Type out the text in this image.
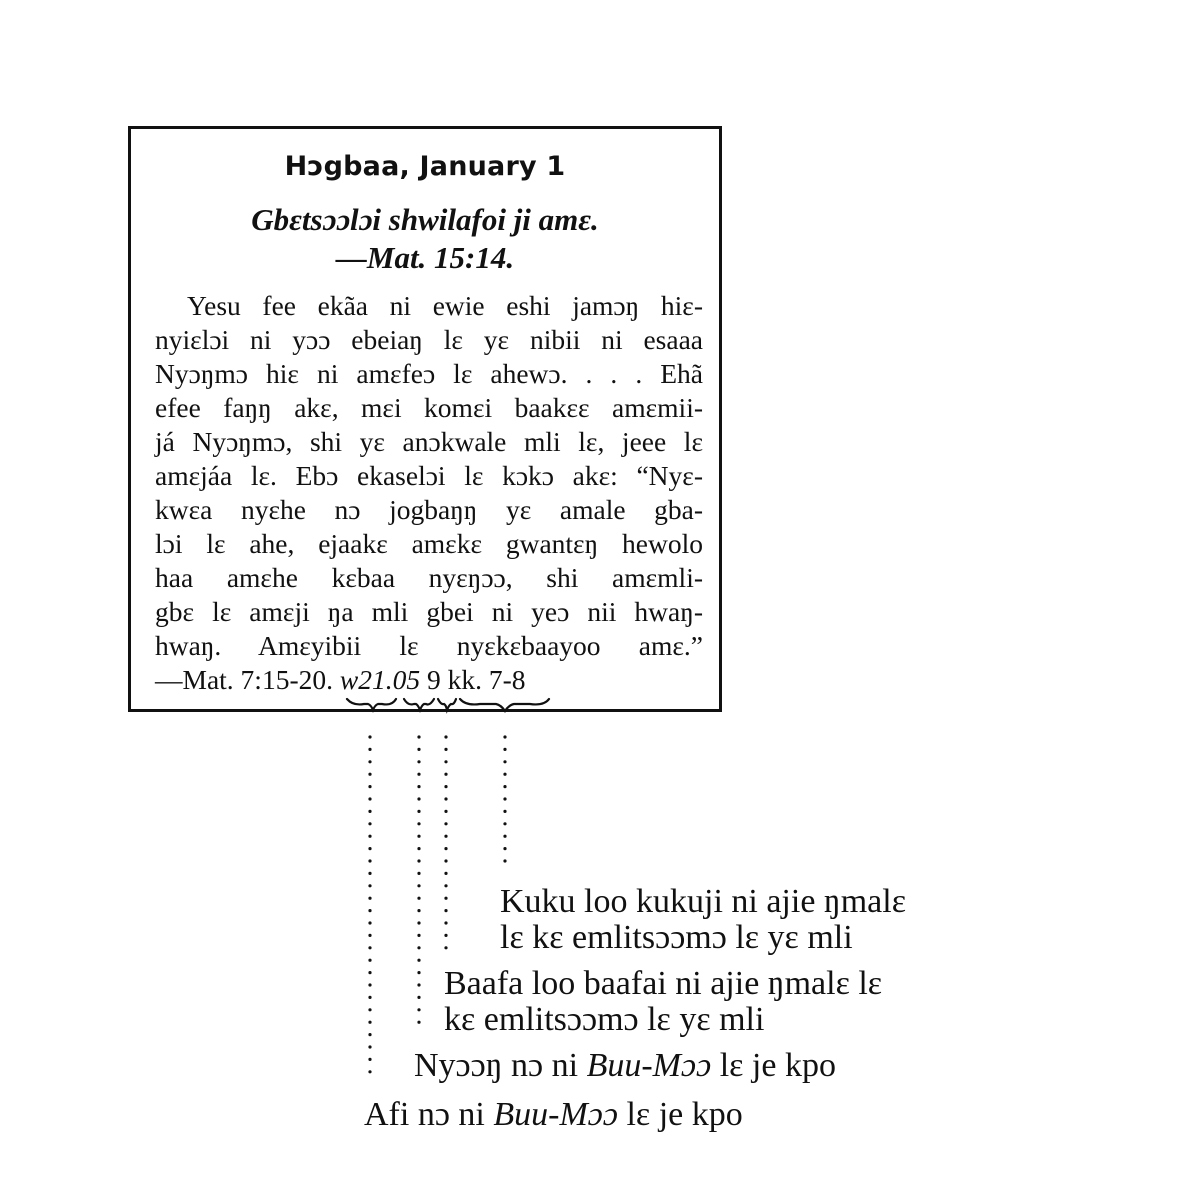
Hɔgbaa, January 1
Gbɛtsɔɔlɔi shwilafoi ji amɛ.
—Mat. 15:14.
Yesu fee ekãa ni ewie eshi jamɔŋ hiɛ-
nyiɛlɔi ni yɔɔ ebeiaŋ lɛ yɛ nibii ni esaaa
Nyɔŋmɔ hiɛ ni amɛfeɔ lɛ ahewɔ. . . . Ehã
efee faŋŋ akɛ, mɛi komɛi baakɛɛ amɛmii-
já Nyɔŋmɔ, shi yɛ anɔkwale mli lɛ, jeee lɛ
amɛjáa lɛ. Ebɔ ekaselɔi lɛ kɔkɔ akɛ: “Nyɛ-
kwɛa nyɛhe nɔ jogbaŋŋ yɛ amale gba-
lɔi lɛ ahe, ejaakɛ amɛkɛ gwantɛŋ hewolo
haa amɛhe kɛbaa nyɛŋɔɔ, shi amɛmli-
gbɛ lɛ amɛji ŋa mli gbei ni yeɔ nii hwaŋ-
hwaŋ. Amɛyibii lɛ nyɛkɛbaayoo amɛ.”
—Mat. 7:15-20. w21.05 9 kk. 7-8
Kuku loo kukuji ni ajie ŋmalɛ
lɛ kɛ emlitsɔɔmɔ lɛ yɛ mli
Baafa loo baafai ni ajie ŋmalɛ lɛ
kɛ emlitsɔɔmɔ lɛ yɛ mli
Nyɔɔŋ nɔ ni Buu-Mɔɔ lɛ je kpo
Afi nɔ ni Buu-Mɔɔ lɛ je kpo
